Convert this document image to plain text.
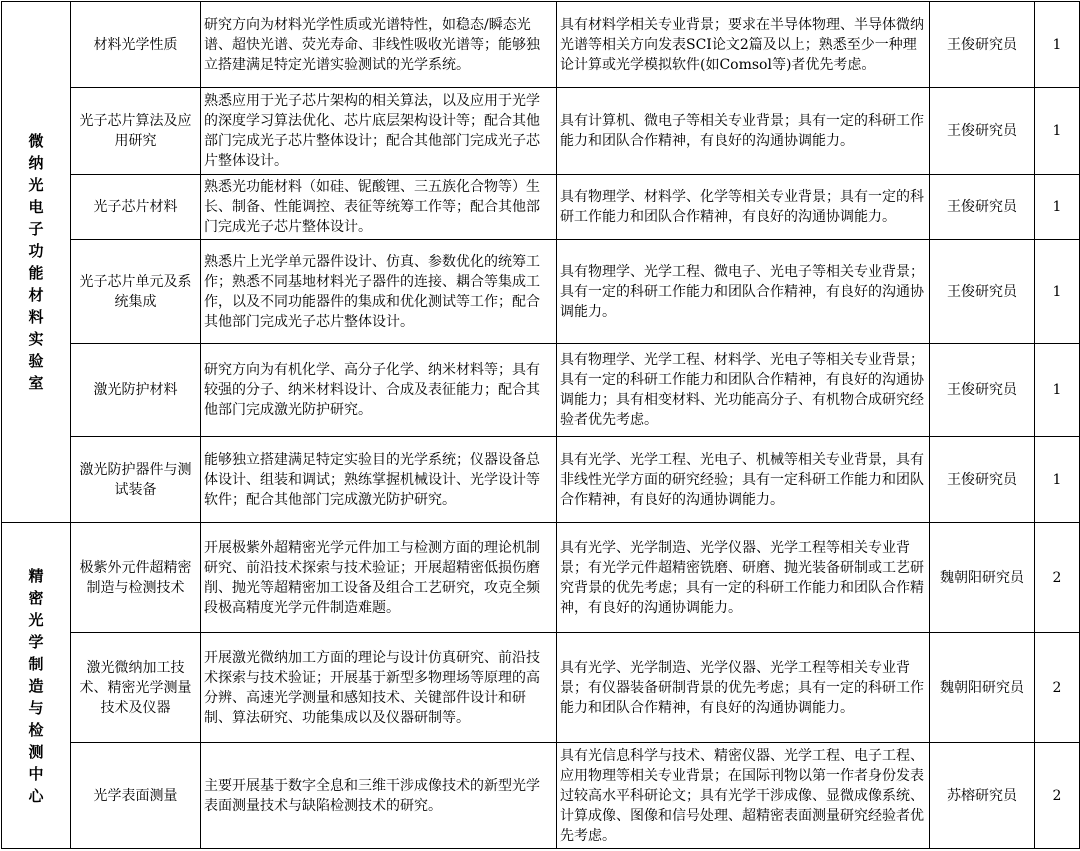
微纳光电子功能材料实验室	材料光学性质	研究方向为材料光学性质或光谱特性，如稳态/瞬态光谱、超快光谱、荧光寿命、非线性吸收光谱等；能够独立搭建满足特定光谱实验测试的光学系统。	具有材料学相关专业背景；要求在半导体物理、半导体微纳光谱等相关方向发表SCI论文2篇及以上；熟悉至少一种理论计算或光学模拟软件(如Comsol等)者优先考虑。	王俊研究员	1
	光子芯片算法及应用研究	熟悉应用于光子芯片架构的相关算法，以及应用于光学的深度学习算法优化、芯片底层架构设计等；配合其他部门完成光子芯片整体设计；配合其他部门完成光子芯片整体设计。	具有计算机、微电子等相关专业背景；具有一定的科研工作能力和团队合作精神，有良好的沟通协调能力。	王俊研究员	1
	光子芯片材料	熟悉光功能材料（如硅、铌酸锂、三五族化合物等）生长、制备、性能调控、表征等统筹工作等；配合其他部门完成光子芯片整体设计。	具有物理学、材料学、化学等相关专业背景；具有一定的科研工作能力和团队合作精神，有良好的沟通协调能力。	王俊研究员	1
	光子芯片单元及系统集成	熟悉片上光学单元器件设计、仿真、参数优化的统筹工作；熟悉不同基地材料光子器件的连接、耦合等集成工作，以及不同功能器件的集成和优化测试等工作；配合其他部门完成光子芯片整体设计。	具有物理学、光学工程、微电子、光电子等相关专业背景；具有一定的科研工作能力和团队合作精神，有良好的沟通协调能力。	王俊研究员	1
	激光防护材料	研究方向为有机化学、高分子化学、纳米材料等；具有较强的分子、纳米材料设计、合成及表征能力；配合其他部门完成激光防护研究。	具有物理学、光学工程、材料学、光电子等相关专业背景；具有一定的科研工作能力和团队合作精神，有良好的沟通协调能力；具有相变材料、光功能高分子、有机物合成研究经验者优先考虑。	王俊研究员	1
	激光防护器件与测试装备	能够独立搭建满足特定实验目的光学系统；仪器设备总体设计、组装和调试；熟练掌握机械设计、光学设计等软件；配合其他部门完成激光防护研究。	具有光学、光学工程、光电子、机械等相关专业背景，具有非线性光学方面的研究经验；具有一定科研工作能力和团队合作精神，有良好的沟通协调能力。	王俊研究员	1
精密光学制造与检测中心	极紫外元件超精密制造与检测技术	开展极紫外超精密光学元件加工与检测方面的理论机制研究、前沿技术探索与技术验证；开展超精密低损伤磨削、抛光等超精密加工设备及组合工艺研究，攻克全频段极高精度光学元件制造难题。	具有光学、光学制造、光学仪器、光学工程等相关专业背景；有光学元件超精密铣磨、研磨、抛光装备研制或工艺研究背景的优先考虑；具有一定的科研工作能力和团队合作精神，有良好的沟通协调能力。	魏朝阳研究员	2
	激光微纳加工技术、精密光学测量技术及仪器	开展激光微纳加工方面的理论与设计仿真研究、前沿技术探索与技术验证；开展基于新型多物理场等原理的高分辨、高速光学测量和感知技术、关键部件设计和研制、算法研究、功能集成以及仪器研制等。	具有光学、光学制造、光学仪器、光学工程等相关专业背景；有仪器装备研制背景的优先考虑；具有一定的科研工作能力和团队合作精神，有良好的沟通协调能力。	魏朝阳研究员	2
	光学表面测量	主要开展基于数字全息和三维干涉成像技术的新型光学表面测量技术与缺陷检测技术的研究。	具有光信息科学与技术、精密仪器、光学工程、电子工程、应用物理等相关专业背景；在国际刊物以第一作者身份发表过较高水平科研论文；具有光学干涉成像、显微成像系统、计算成像、图像和信号处理、超精密表面测量研究经验者优先考虑。	苏榕研究员	2
